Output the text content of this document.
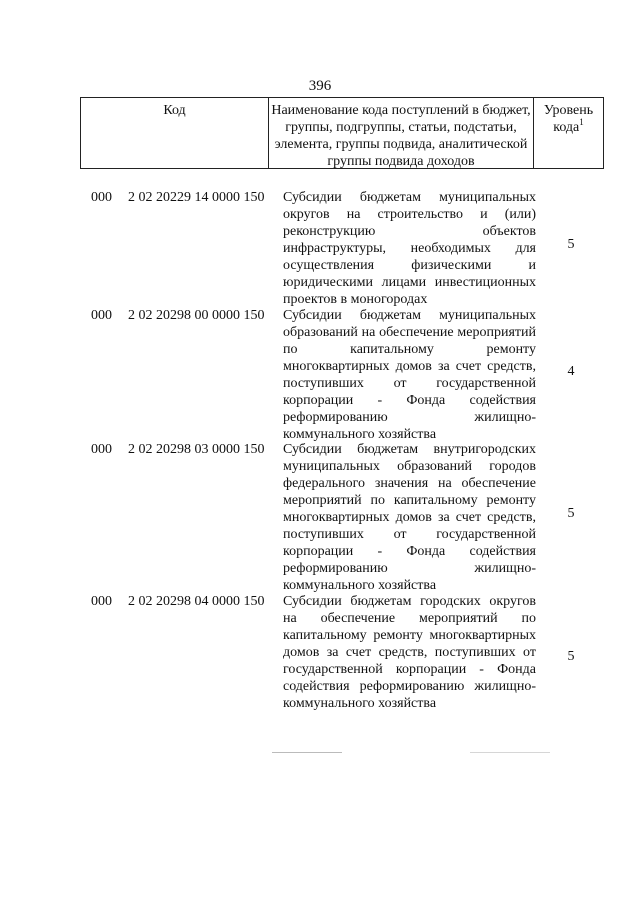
396
Код	Наименование кода поступлений в бюджет, группы, подгруппы, статьи, подстатьи, элемента, группы подвида, аналитической группы подвида доходов
Уровень кода$^1$
000 2 02 20229 14 0000 150 Субсидии бюджетам муниципальных округов на строительство и (или) реконструкцию объектов инфраструктуры, необходимых для осуществления физическими и юридическими лицами инвестиционных проектов в моногородах
5
000 2 02 20298 00 0000 150 Субсидии бюджетам муниципальных образований на обеспечение мероприятий по капитальному ремонту многоквартирных домов за счет средств, поступивших от государственной корпорации - Фонда содействия реформированию жилищно-коммунального хозяйства
4
000 2 02 20298 03 0000 150 Субсидии бюджетам внутригородских муниципальных образований городов федерального значения на обеспечение мероприятий по капитальному ремонту многоквартирных домов за счет средств, поступивших от государственной корпорации - Фонда содействия реформированию жилищно-коммунального хозяйства
5
000 2 02 20298 04 0000 150 Субсидии бюджетам городских округов на обеспечение мероприятий по капитальному ремонту многоквартирных домов за счет средств, поступивших от государственной корпорации - Фонда содействия реформированию жилищно-коммунального хозяйства
5
